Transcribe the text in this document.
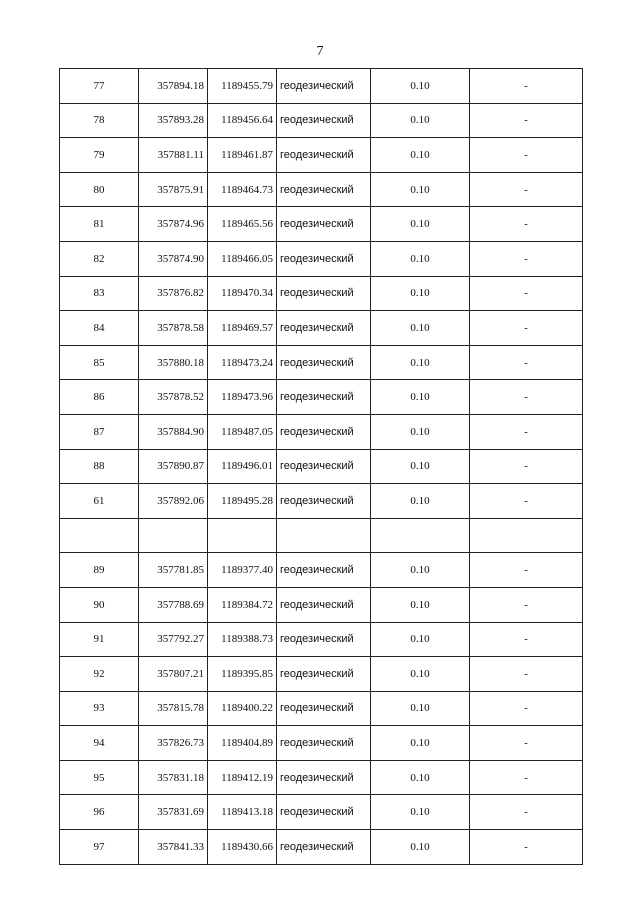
7
77	357894.18	1189455.79	геодезический	0.10	-
78	357893.28	1189456.64	геодезический	0.10	-
79	357881.11	1189461.87	геодезический	0.10	-
80	357875.91	1189464.73	геодезический	0.10	-
81	357874.96	1189465.56	геодезический	0.10	-
82	357874.90	1189466.05	геодезический	0.10	-
83	357876.82	1189470.34	геодезический	0.10	-
84	357878.58	1189469.57	геодезический	0.10	-
85	357880.18	1189473.24	геодезический	0.10	-
86	357878.52	1189473.96	геодезический	0.10	-
87	357884.90	1189487.05	геодезический	0.10	-
88	357890.87	1189496.01	геодезический	0.10	-
61	357892.06	1189495.28	геодезический	0.10	-

89	357781.85	1189377.40	геодезический	0.10	-
90	357788.69	1189384.72	геодезический	0.10	-
91	357792.27	1189388.73	геодезический	0.10	-
92	357807.21	1189395.85	геодезический	0.10	-
93	357815.78	1189400.22	геодезический	0.10	-
94	357826.73	1189404.89	геодезический	0.10	-
95	357831.18	1189412.19	геодезический	0.10	-
96	357831.69	1189413.18	геодезический	0.10	-
97	357841.33	1189430.66	геодезический	0.10	-
